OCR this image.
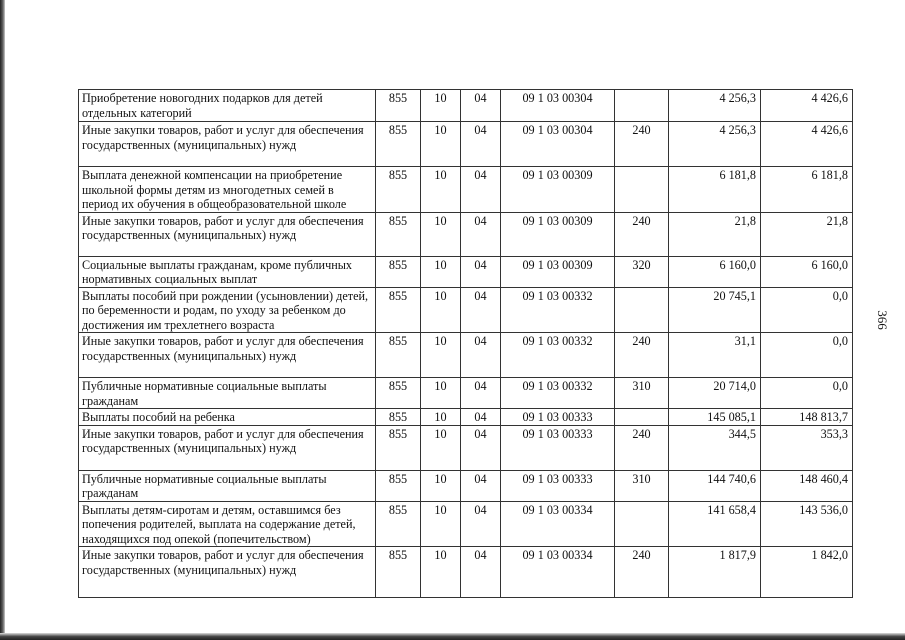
Приобретение новогодних подарков для детей отдельных категорий	855	10	04	09 1 03 00304		4 256,3	4 426,6
Иные закупки товаров, работ и услуг для обеспечения государственных (муниципальных) нужд	855	10	04	09 1 03 00304	240	4 256,3	4 426,6
Выплата денежной компенсации на приобретение школьной формы детям из многодетных семей в период их обучения в общеобразовательной школе	855	10	04	09 1 03 00309		6 181,8	6 181,8
Иные закупки товаров, работ и услуг для обеспечения государственных (муниципальных) нужд	855	10	04	09 1 03 00309	240	21,8	21,8
Социальные выплаты гражданам, кроме публичных нормативных социальных выплат	855	10	04	09 1 03 00309	320	6 160,0	6 160,0
Выплаты пособий при рождении (усыновлении) детей, по беременности и родам, по уходу за ребенком до достижения им трехлетнего возраста	855	10	04	09 1 03 00332		20 745,1	0,0
Иные закупки товаров, работ и услуг для обеспечения государственных (муниципальных) нужд	855	10	04	09 1 03 00332	240	31,1	0,0
Публичные нормативные социальные выплаты гражданам	855	10	04	09 1 03 00332	310	20 714,0	0,0
Выплаты пособий на ребенка	855	10	04	09 1 03 00333		145 085,1	148 813,7
Иные закупки товаров, работ и услуг для обеспечения государственных (муниципальных) нужд	855	10	04	09 1 03 00333	240	344,5	353,3
Публичные нормативные социальные выплаты гражданам	855	10	04	09 1 03 00333	310	144 740,6	148 460,4
Выплаты детям-сиротам и детям, оставшимся без попечения родителей, выплата на содержание детей, находящихся под опекой (попечительством)	855	10	04	09 1 03 00334		141 658,4	143 536,0
Иные закупки товаров, работ и услуг для обеспечения государственных (муниципальных) нужд	855	10	04	09 1 03 00334	240	1 817,9	1 842,0
366
